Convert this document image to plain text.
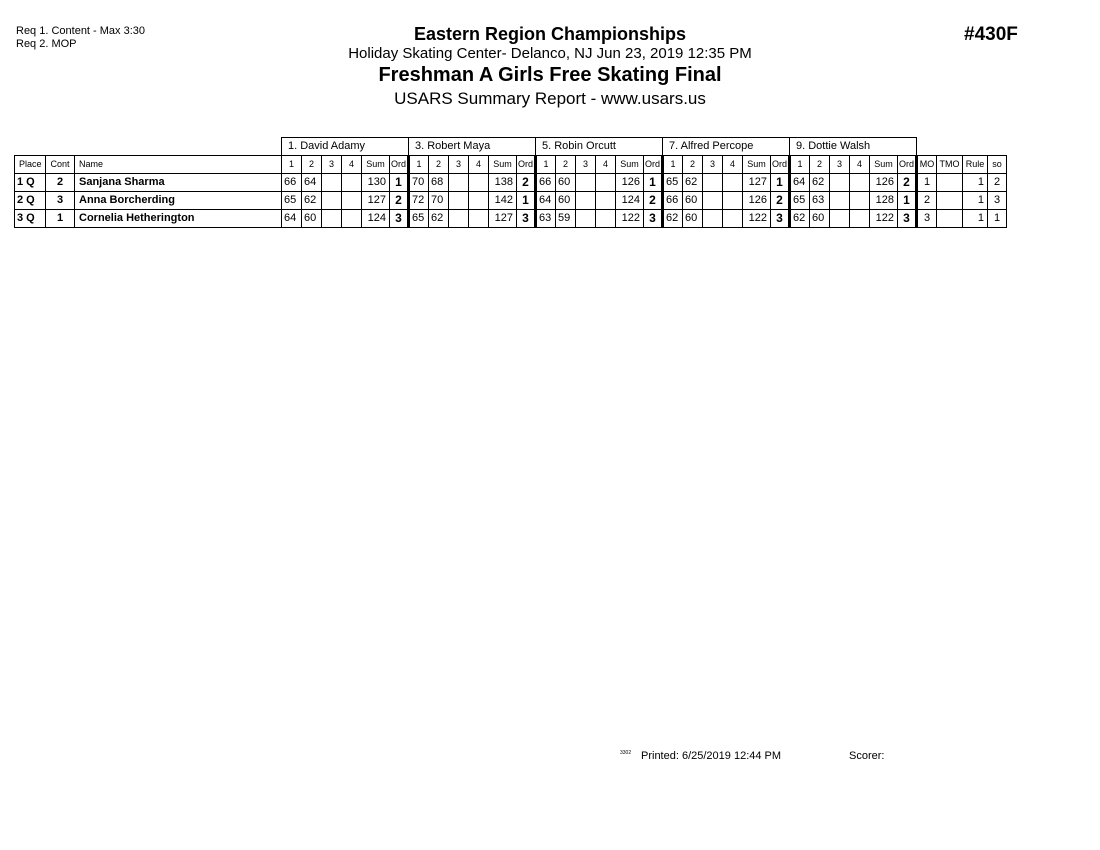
Req 1. Content - Max 3:30
Req 2. MOP	Eastern Region Championships
Holiday Skating Center- Delanco, NJ Jun 23, 2019 12:35 PM
Freshman A Girls Free Skating Final
USARS Summary Report - www.usars.us
#430F
			1. David Adamy						3. Robert Maya						5. Robin Orcutt						7. Alfred Percope						9. Dottie Walsh									
Place	Cont	Name	1	2	3	4	Sum	Ord	1	2	3	4	Sum	Ord	1	2	3	4	Sum	Ord	1	2	3	4	Sum	Ord	1	2	3	4	Sum	Ord	MO	TMO	Rule	so
1 Q	2	Sanjana Sharma	66	64			130	1	70	68			138	2	66	60			126	1	65	62			127	1	64	62			126	2	1		1	2
2 Q	3	Anna Borcherding	65	62			127	2	72	70			142	1	64	60			124	2	66	60			126	2	65	63			128	1	2		1	3
3 Q	1	Cornelia Hetherington	64	60			124	3	65	62			127	3	63	59			122	3	62	60			122	3	62	60			122	3	3		1	1
3302 Printed: 6/25/2019 12:44 PM	Scorer:
